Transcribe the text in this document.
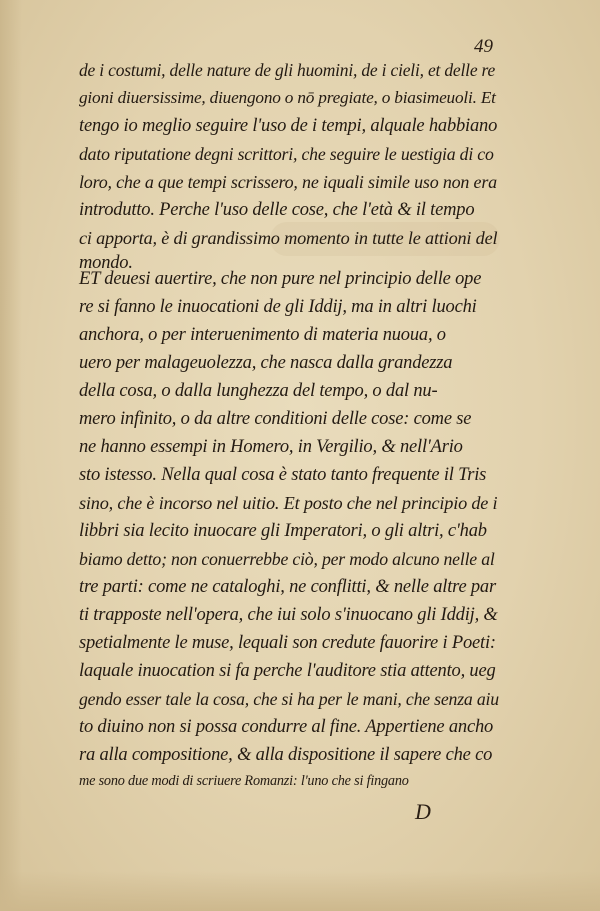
49
de i costumi, delle nature de gli huomini, de i cieli, et delle re
gioni diuersissime, diuengono o nō pregiate, o biasimeuoli. Et
tengo io meglio seguire l'uso de i tempi, alquale habbiano
dato riputatione degni scrittori, che seguire le uestigia di co
loro, che a que tempi scrissero, ne iquali simile uso non era
introdutto. Perche l'uso delle cose, che l'età & il tempo
ci apporta, è di grandissimo momento in tutte le attioni del
mondo.
ET deuesi auertire, che non pure nel principio delle ope
re si fanno le inuocationi de gli Iddij, ma in altri luochi
anchora, o per interuenimento di materia nuoua, o
uero per malageuolezza, che nasca dalla grandezza
della cosa, o dalla lunghezza del tempo, o dal nu-
mero infinito, o da altre conditioni delle cose: come se
ne hanno essempi in Homero, in Vergilio, & nell'Ario
sto istesso. Nella qual cosa è stato tanto frequente il Tris
sino, che è incorso nel uitio. Et posto che nel principio de i
libbri sia lecito inuocare gli Imperatori, o gli altri, c'hab
biamo detto; non conuerrebbe ciò, per modo alcuno nelle al
tre parti: come ne cataloghi, ne conflitti, & nelle altre par
ti trapposte nell'opera, che iui solo s'inuocano gli Iddij, &
spetialmente le muse, lequali son credute fauorire i Poeti:
laquale inuocation si fa perche l'auditore stia attento, ueg
gendo esser tale la cosa, che si ha per le mani, che senza aiu
to diuino non si possa condurre al fine. Appertiene ancho
ra alla compositione, & alla dispositione il sapere che co
me sono due modi di scriuere Romanzi: l'uno che si fingano
D
